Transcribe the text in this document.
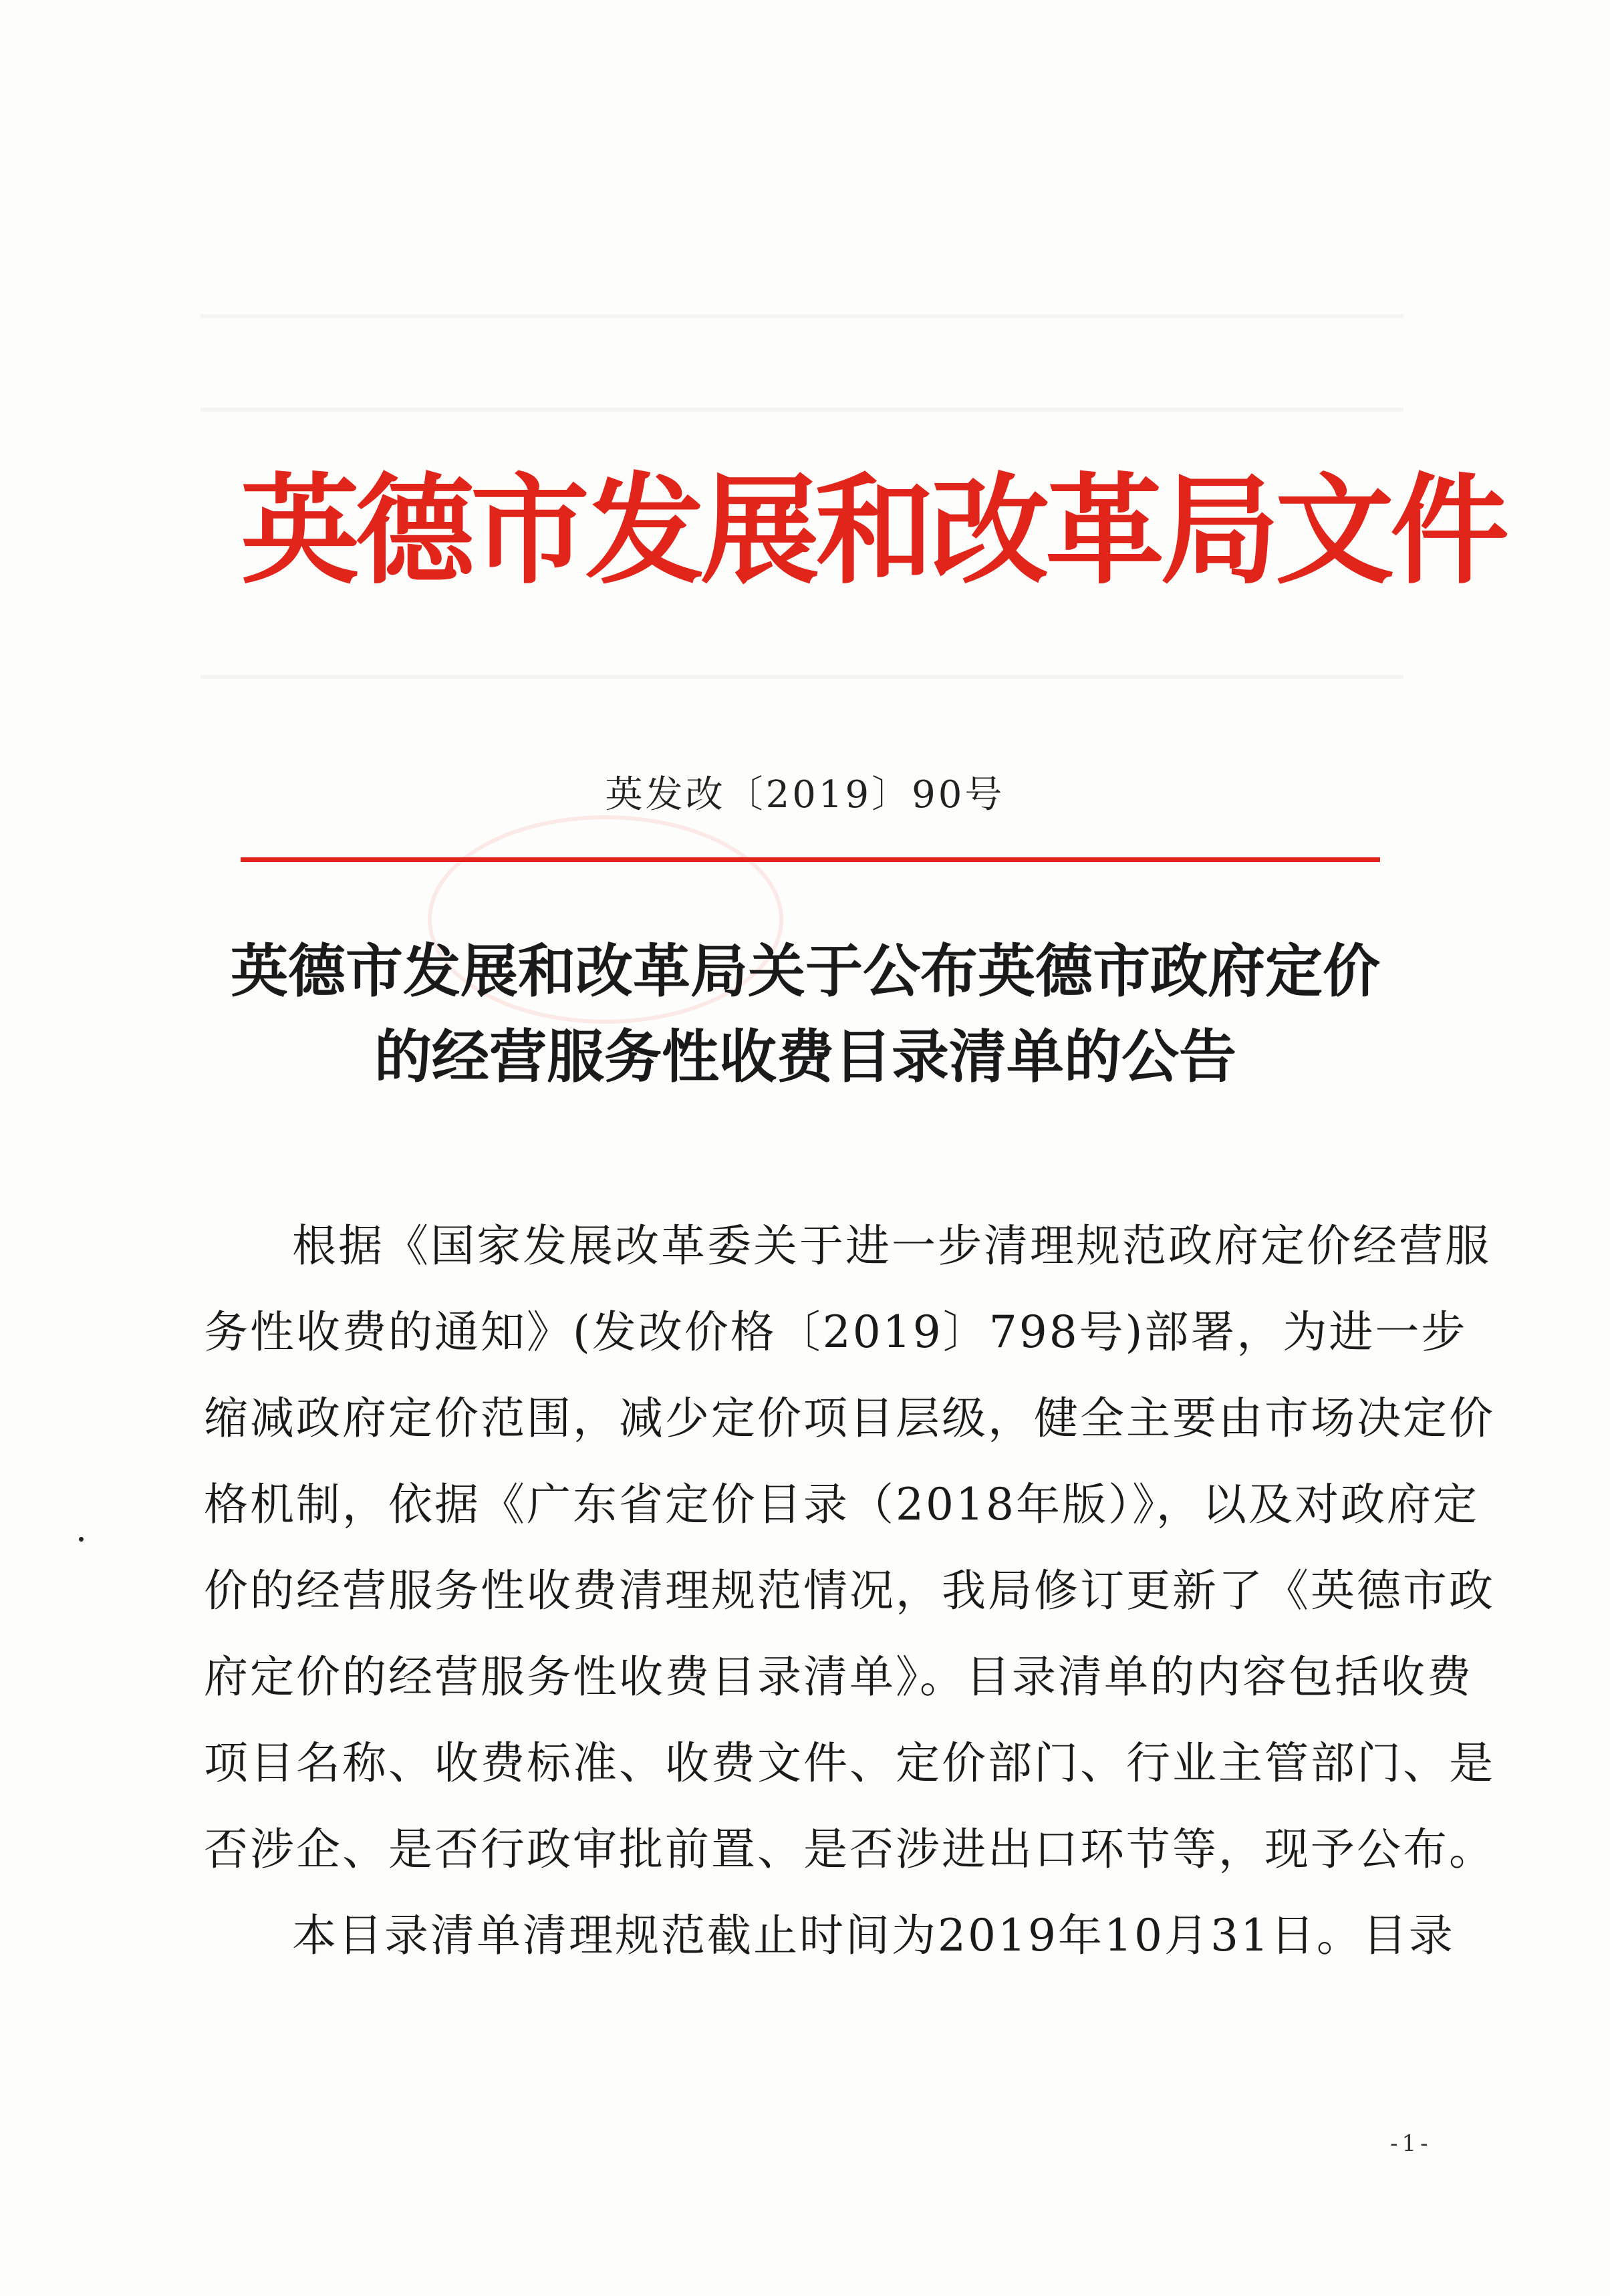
英德市发展和改革局文件
英发改〔2019〕90号
英德市发展和改革局关于公布英德市政府定价
的经营服务性收费目录清单的公告
根据《国家发展改革委关于进一步清理规范政府定价经营服
务性收费的通知》(发改价格〔2019〕798号)部署，为进一步
缩减政府定价范围，减少定价项目层级，健全主要由市场决定价
格机制，依据《广东省定价目录（2018年版）》，以及对政府定
价的经营服务性收费清理规范情况，我局修订更新了《英德市政
府定价的经营服务性收费目录清单》。目录清单的内容包括收费
项目名称、收费标准、收费文件、定价部门、行业主管部门、是
否涉企、是否行政审批前置、是否涉进出口环节等，现予公布。
本目录清单清理规范截止时间为2019年10月31日。目录
-1-
